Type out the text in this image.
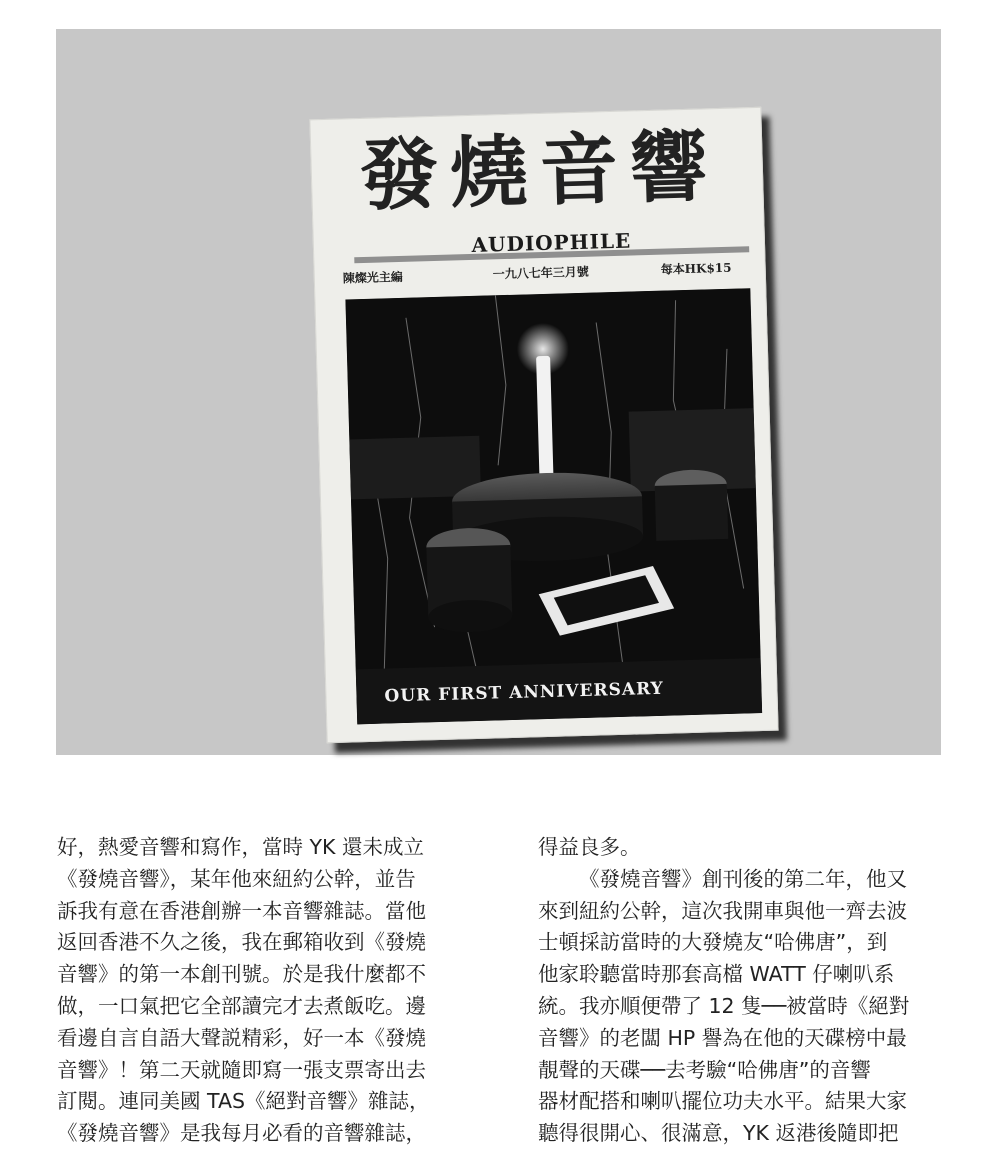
發燒音響
AUDIOPHILE
陳燦光主編	一九八七年三月號	每本HK$15
OUR FIRST ANNIVERSARY

好，熱愛音響和寫作，當時 YK 還未成立

《發燒音響》，某年他來紐約公幹，並告

訴我有意在香港創辦一本音響雜誌。當他

返回香港不久之後，我在郵箱收到《發燒

音響》的第一本創刊號。於是我什麼都不

做，一口氣把它全部讀完才去煮飯吃。邊

看邊自言自語大聲説精彩，好一本《發燒

音響》！第二天就隨即寫一張支票寄出去

訂閱。連同美國 TAS《絕對音響》雜誌，

《發燒音響》是我每月必看的音響雜誌，

得益良多。

《發燒音響》創刊後的第二年，他又

來到紐約公幹，這次我開車與他一齊去波

士頓採訪當時的大發燒友“哈佛唐”，到

他家聆聽當時那套高檔 WATT 仔喇叭系

統。我亦順便帶了 12 隻──被當時《絕對

音響》的老闆 HP 譽為在他的天碟榜中最

靚聲的天碟──去考驗“哈佛唐”的音響

器材配搭和喇叭擺位功夫水平。結果大家

聽得很開心、很滿意，YK 返港後隨即把
